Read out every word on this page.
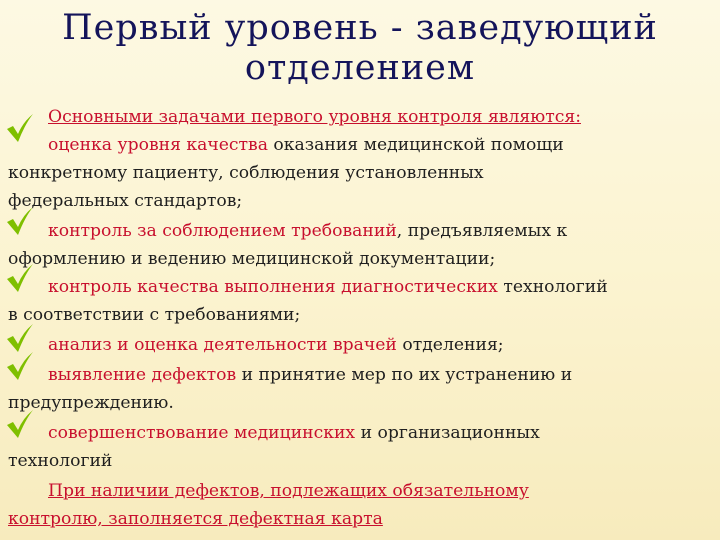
Первый уровень - заведующий
отделением
Основными задачами первого уровня контроля являются:
оценка уровня качества оказания медицинской помощи
конкретному пациенту, соблюдения установленных
федеральных стандартов;
контроль за соблюдением требований, предъявляемых к
оформлению и ведению медицинской документации;
контроль качества выполнения диагностических технологий
в соответствии с требованиями;
анализ и оценка деятельности врачей отделения;
выявление дефектов и принятие мер по их устранению и
предупреждению.
совершенствование медицинских и организационных
технологий
При наличии дефектов, подлежащих обязательному
контролю, заполняется дефектная карта
